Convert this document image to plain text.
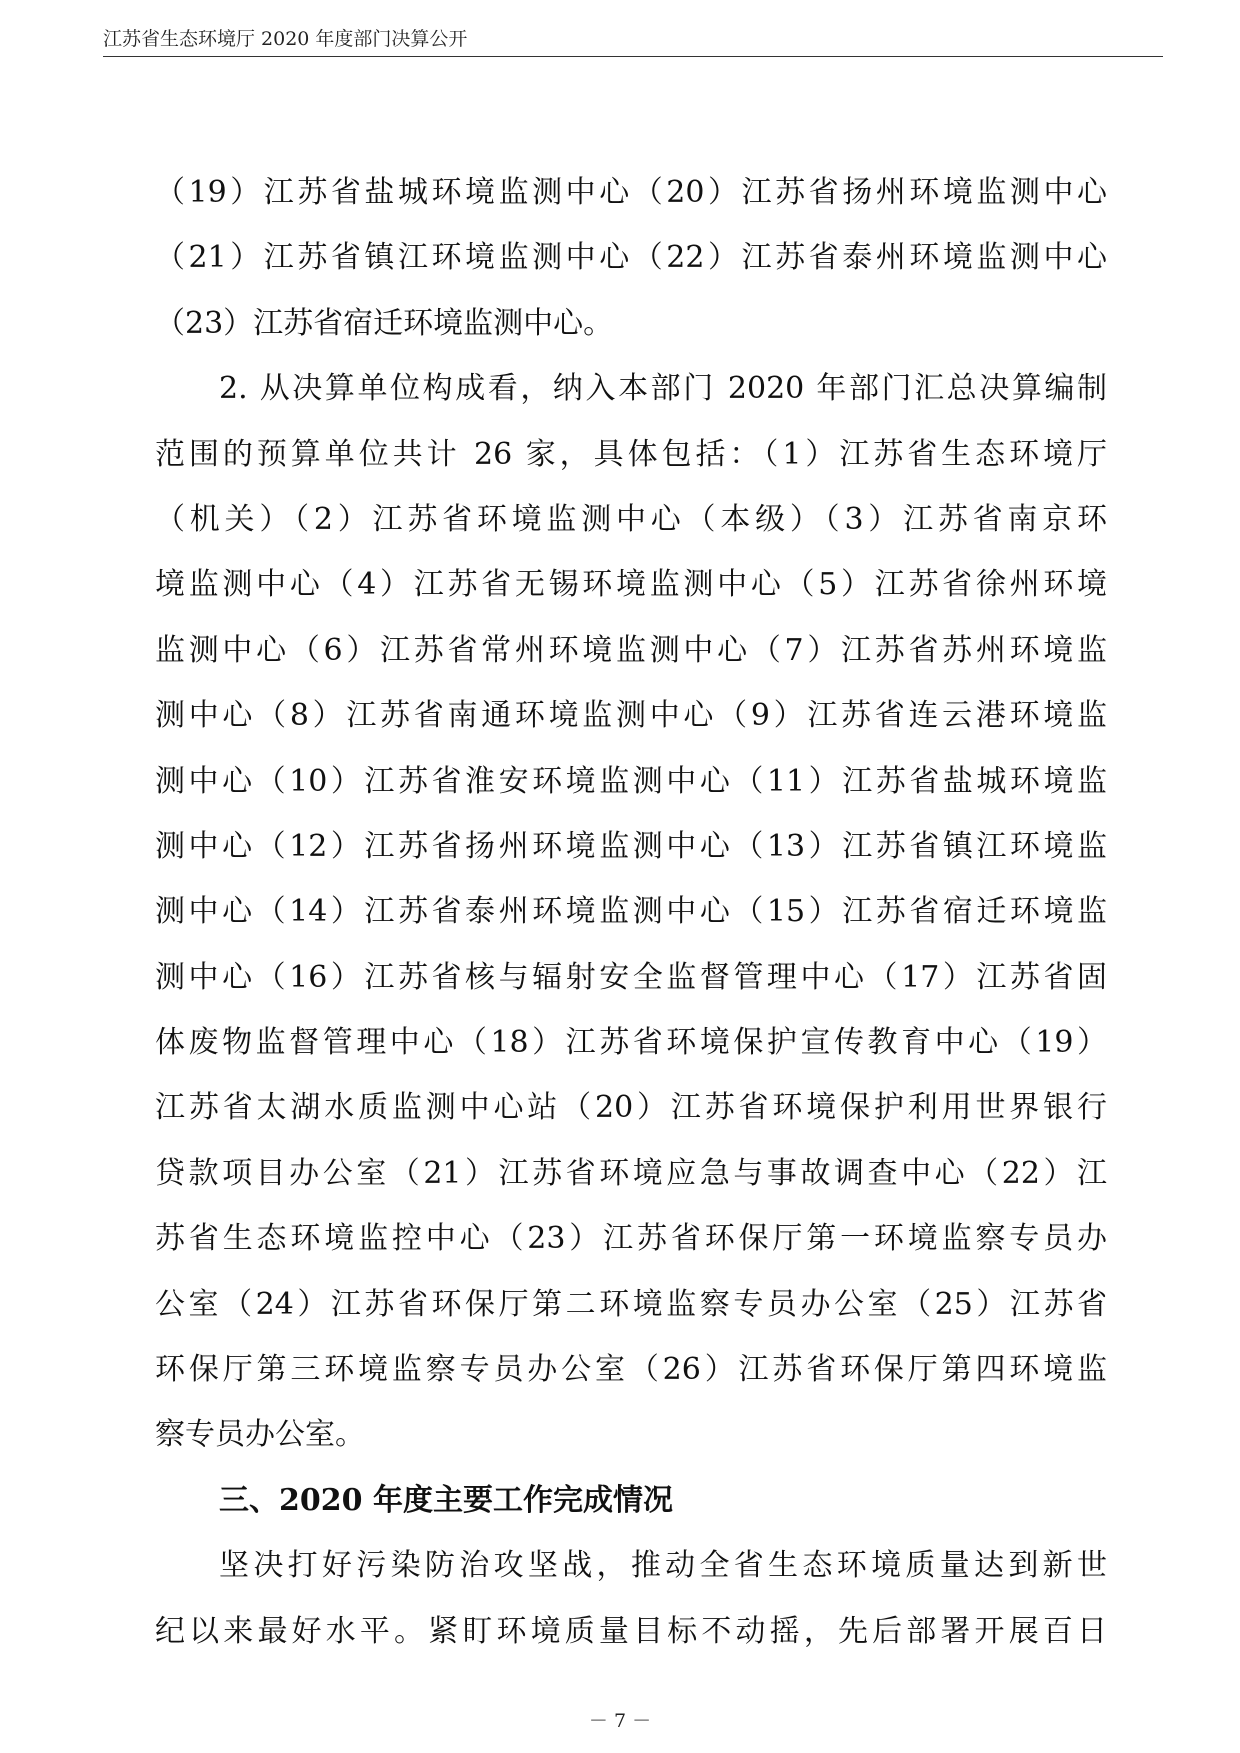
江苏省生态环境厅 2020 年度部门决算公开
（19）江苏省盐城环境监测中心（20）江苏省扬州环境监测中心
（21）江苏省镇江环境监测中心（22）江苏省泰州环境监测中心
（23）江苏省宿迁环境监测中心。
2. 从决算单位构成看，纳入本部门 2020 年部门汇总决算编制
范围的预算单位共计 26 家，具体包括：（1）江苏省生态环境厅
（机关）（2）江苏省环境监测中心（本级）（3）江苏省南京环
境监测中心（4）江苏省无锡环境监测中心（5）江苏省徐州环境
监测中心（6）江苏省常州环境监测中心（7）江苏省苏州环境监
测中心（8）江苏省南通环境监测中心（9）江苏省连云港环境监
测中心（10）江苏省淮安环境监测中心（11）江苏省盐城环境监
测中心（12）江苏省扬州环境监测中心（13）江苏省镇江环境监
测中心（14）江苏省泰州环境监测中心（15）江苏省宿迁环境监
测中心（16）江苏省核与辐射安全监督管理中心（17）江苏省固
体废物监督管理中心（18）江苏省环境保护宣传教育中心（19）
江苏省太湖水质监测中心站（20）江苏省环境保护利用世界银行
贷款项目办公室（21）江苏省环境应急与事故调查中心（22）江
苏省生态环境监控中心（23）江苏省环保厅第一环境监察专员办
公室（24）江苏省环保厅第二环境监察专员办公室（25）江苏省
环保厅第三环境监察专员办公室（26）江苏省环保厅第四环境监
察专员办公室。
三、2020 年度主要工作完成情况
坚决打好污染防治攻坚战，推动全省生态环境质量达到新世
纪以来最好水平。紧盯环境质量目标不动摇，先后部署开展百日
－ 7 －
